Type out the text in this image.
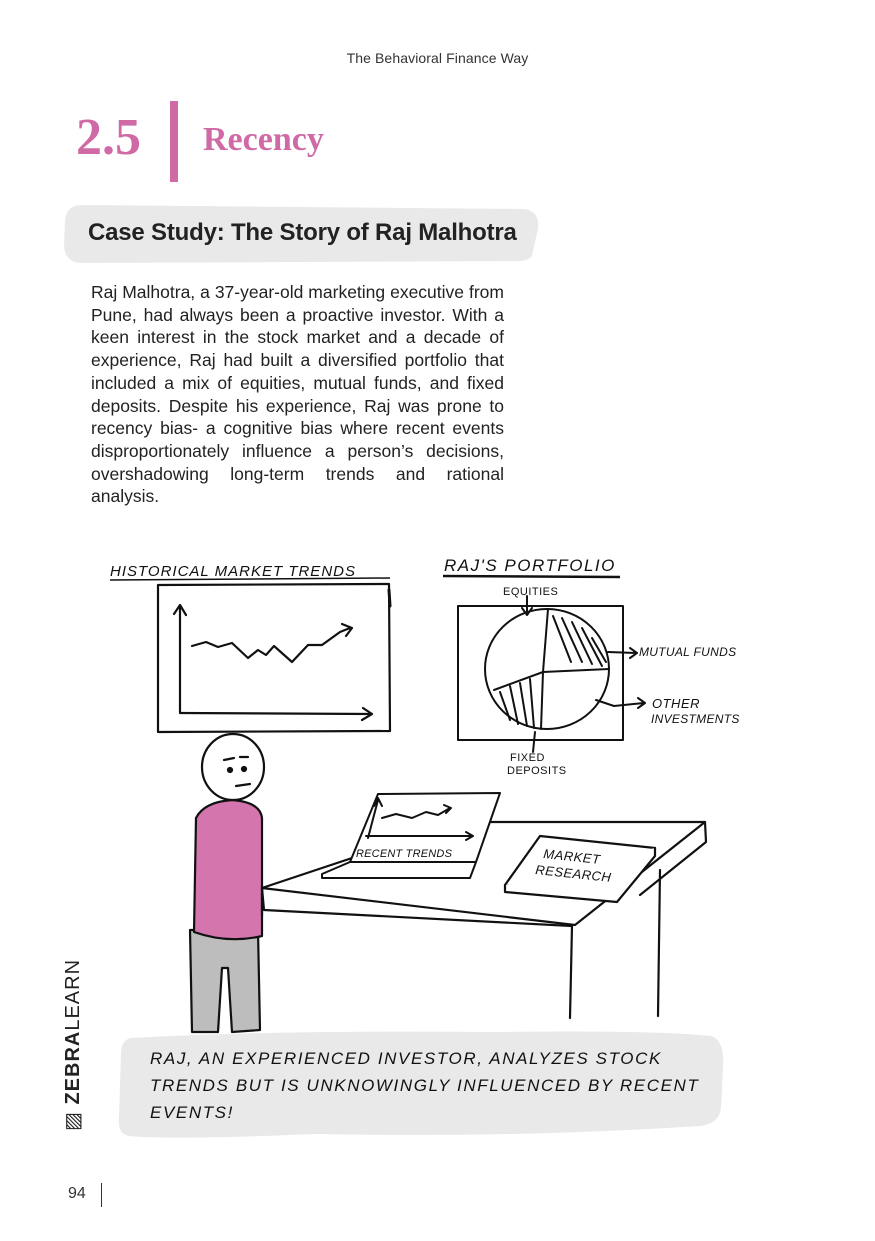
The Behavioral Finance Way
2.5 Recency
Case Study: The Story of Raj Malhotra
Raj Malhotra, a 37-year-old marketing executive from Pune, had always been a proactive investor. With a keen interest in the stock market and a decade of experience, Raj had built a diversified portfolio that included a mix of equities, mutual funds, and fixed deposits. Despite his experience, Raj was prone to recency bias- a cognitive bias where recent events disproportionately influence a person’s decisions, overshadowing long-term trends and rational analysis.
HISTORICAL MARKET TRENDS	RAJ'S PORTFOLIO
EQUITIES
MUTUAL FUNDS
OTHER
INVESTMENTS
FIXED
DEPOSITS
RECENT TRENDS	MARKET
RESEARCH
RAJ, AN EXPERIENCED INVESTOR, ANALYZES STOCK TRENDS BUT IS UNKNOWINGLY INFLUENCED BY RECENT EVENTS!
▨ ZEBRALEARN
94
